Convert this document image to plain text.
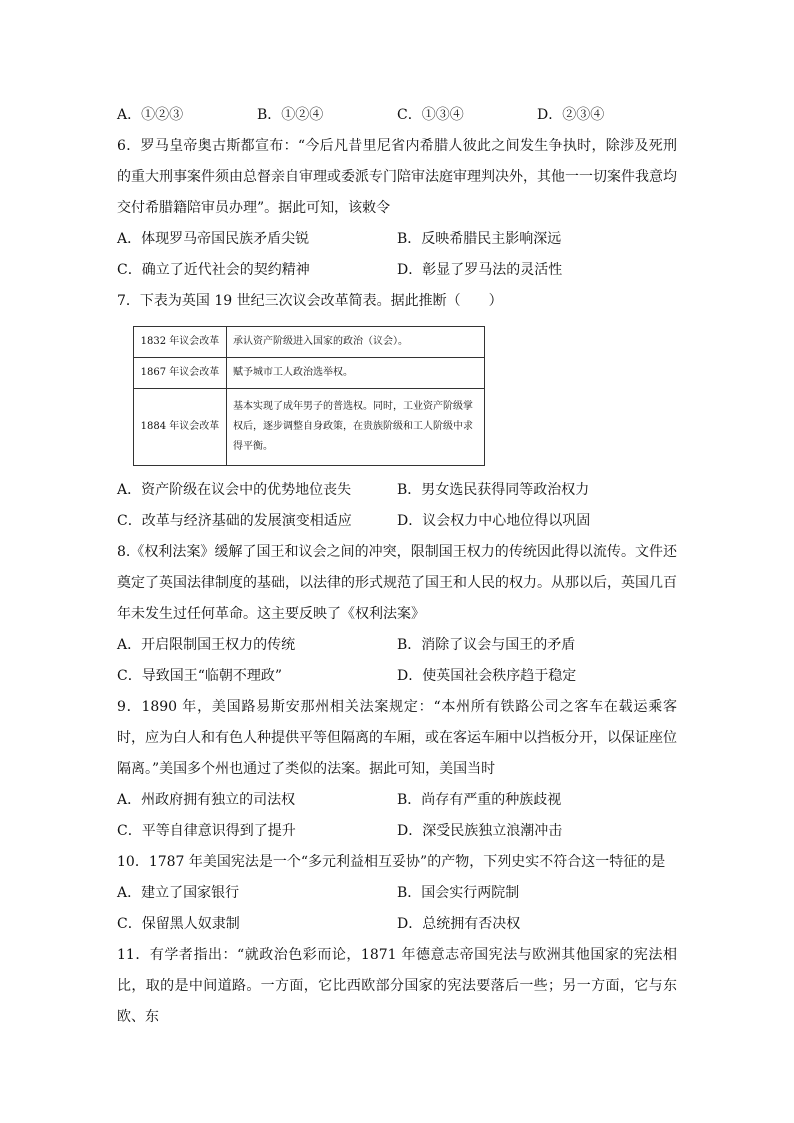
A．①②③	B．①②④	C．①③④	D．②③④
6．罗马皇帝奥古斯都宣布：“今后凡昔里尼省内希腊人彼此之间发生争执时，除涉及死刑的重大刑事案件须由总督亲自审理或委派专门陪审法庭审理判决外，其他一一切案件我意均交付希腊籍陪审员办理”。据此可知，该敕令
A．体现罗马帝国民族矛盾尖锐	B．反映希腊民主影响深远
C．确立了近代社会的契约精神	D．彰显了罗马法的灵活性
7．下表为英国 19 世纪三次议会改革简表。据此推断（　　）
1832 年议会改革	承认资产阶级进入国家的政治（议会）。
1867 年议会改革	赋予城市工人政治选举权。
1884 年议会改革	基本实现了成年男子的普选权。同时，工业资产阶级掌权后，逐步调整自身政策，在贵族阶级和工人阶级中求得平衡。
A．资产阶级在议会中的优势地位丧失	B．男女选民获得同等政治权力
C．改革与经济基础的发展演变相适应	D．议会权力中心地位得以巩固
8.《权利法案》缓解了国王和议会之间的冲突，限制国王权力的传统因此得以流传。文件还奠定了英国法律制度的基础，以法律的形式规范了国王和人民的权力。从那以后，英国几百年未发生过任何革命。这主要反映了《权利法案》
A．开启限制国王权力的传统	B．消除了议会与国王的矛盾
C．导致国王“临朝不理政”	D．使英国社会秩序趋于稳定
9．1890 年，美国路易斯安那州相关法案规定：“本州所有铁路公司之客车在载运乘客时，应为白人和有色人种提供平等但隔离的车厢，或在客运车厢中以挡板分开，以保证座位隔离。”美国多个州也通过了类似的法案。据此可知，美国当时
A．州政府拥有独立的司法权	B．尚存有严重的种族歧视
C．平等自律意识得到了提升	D．深受民族独立浪潮冲击
10．1787 年美国宪法是一个“多元利益相互妥协”的产物，下列史实不符合这一特征的是
A．建立了国家银行	B．国会实行两院制
C．保留黑人奴隶制	D．总统拥有否决权
11．有学者指出：“就政治色彩而论，1871 年德意志帝国宪法与欧洲其他国家的宪法相比，取的是中间道路。一方面，它比西欧部分国家的宪法要落后一些；另一方面，它与东欧、东
